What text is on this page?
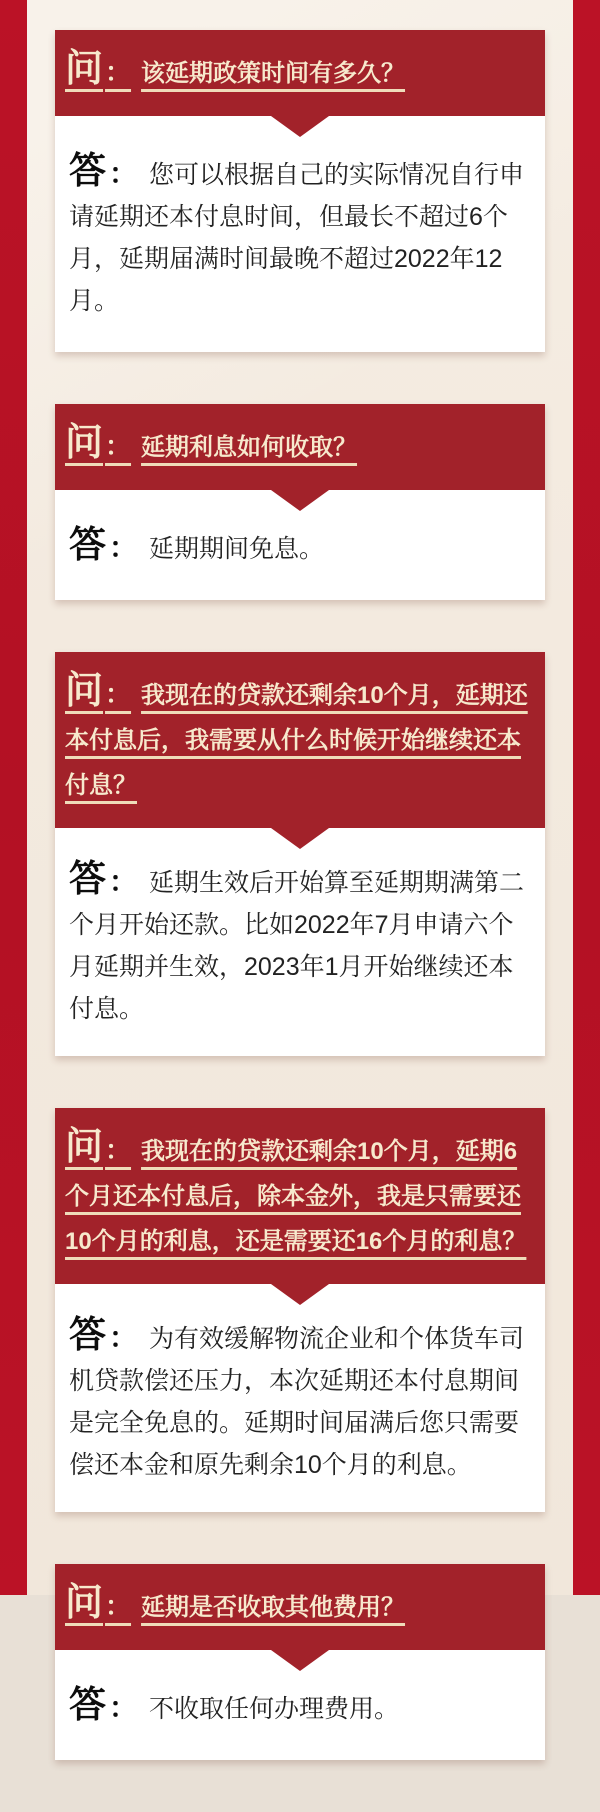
问： 该延期政策时间有多久？

答 ： 您可以根据自己的实际情况自行申请延期还本付息时间，但最长不超过6个月，延期届满时间最晚不超过2022年12月。

问： 延期利息如何收取？

答 ： 延期期间免息。

问： 我现在的贷款还剩余10个月，延期还本付息后，我需要从什么时候开始继续还本付息？

答 ： 延期生效后开始算至延期期满第二个月开始还款。比如2022年7月申请六个月延期并生效，2023年1月开始继续还本付息。

问： 我现在的贷款还剩余10个月，延期6个月还本付息后，除本金外，我是只需要还10个月的利息，还是需要还16个月的利息？

答 ： 为有效缓解物流企业和个体货车司机贷款偿还压力，本次延期还本付息期间是完全免息的。延期时间届满后您只需要偿还本金和原先剩余10个月的利息。

问： 延期是否收取其他费用？

答 ： 不收取任何办理费用。
